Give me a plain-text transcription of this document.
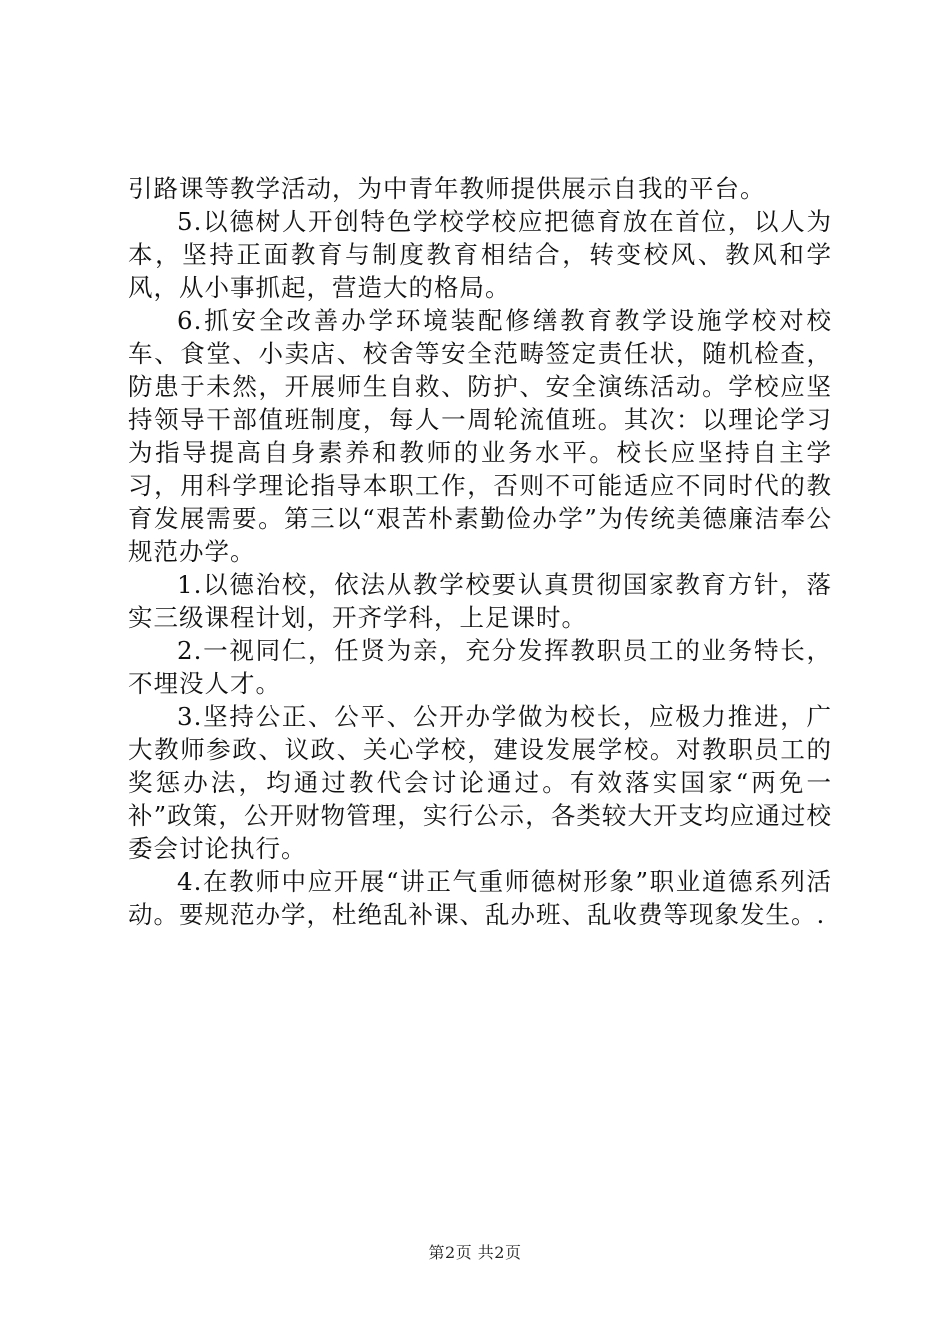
引路课等教学活动，为中青年教师提供展示自我的平台。

5.以德树人开创特色学校学校应把德育放在首位，以人为本，坚持正面教育与制度教育相结合，转变校风、教风和学风，从小事抓起，营造大的格局。

6.抓安全改善办学环境装配修缮教育教学设施学校对校车、食堂、小卖店、校舍等安全范畴签定责任状，随机检查，防患于未然，开展师生自救、防护、安全演练活动。学校应坚持领导干部值班制度，每人一周轮流值班。其次：以理论学习为指导提高自身素养和教师的业务水平。校长应坚持自主学习，用科学理论指导本职工作，否则不可能适应不同时代的教育发展需要。第三以“艰苦朴素勤俭办学”为传统美德廉洁奉公规范办学。

1.以德治校，依法从教学校要认真贯彻国家教育方针，落实三级课程计划，开齐学科，上足课时。

2.一视同仁，任贤为亲，充分发挥教职员工的业务特长，不埋没人才。

3.坚持公正、公平、公开办学做为校长，应极力推进，广大教师参政、议政、关心学校，建设发展学校。对教职员工的奖惩办法，均通过教代会讨论通过。有效落实国家“两免一补”政策，公开财物管理，实行公示，各类较大开支均应通过校委会讨论执行。

4.在教师中应开展“讲正气重师德树形象”职业道德系列活动。要规范办学，杜绝乱补课、乱办班、乱收费等现象发生。.

第2页 共2页
